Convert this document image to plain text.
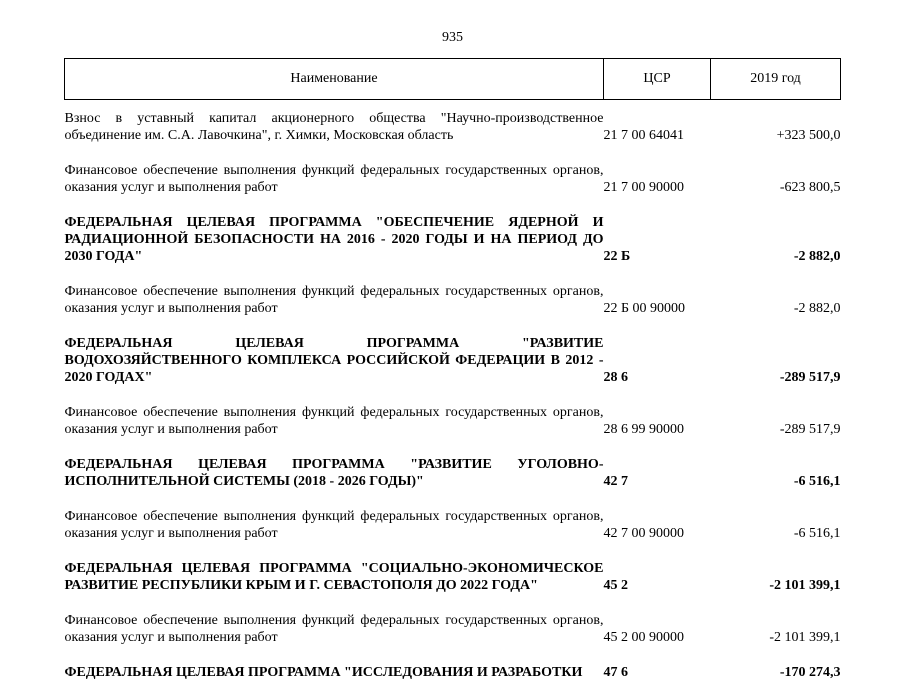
935
Наименование	ЦСР	2019 год

Взнос в уставный капитал акционерного общества "Научно-производственное объединение им. С.А. Лавочкина", г. Химки, Московская область	21 7 00 64041	+323 500,0

Финансовое обеспечение выполнения функций федеральных государственных органов, оказания услуг и выполнения работ	21 7 00 90000	-623 800,5

ФЕДЕРАЛЬНАЯ ЦЕЛЕВАЯ ПРОГРАММА "ОБЕСПЕЧЕНИЕ ЯДЕРНОЙ И РАДИАЦИОННОЙ БЕЗОПАСНОСТИ НА 2016 - 2020 ГОДЫ И НА ПЕРИОД ДО 2030 ГОДА"	22 Б	-2 882,0

Финансовое обеспечение выполнения функций федеральных государственных органов, оказания услуг и выполнения работ	22 Б 00 90000	-2 882,0

ФЕДЕРАЛЬНАЯ ЦЕЛЕВАЯ ПРОГРАММА "РАЗВИТИЕ ВОДОХОЗЯЙСТВЕННОГО КОМПЛЕКСА РОССИЙСКОЙ ФЕДЕРАЦИИ В 2012 - 2020 ГОДАХ"	28 6	-289 517,9

Финансовое обеспечение выполнения функций федеральных государственных органов, оказания услуг и выполнения работ	28 6 99 90000	-289 517,9

ФЕДЕРАЛЬНАЯ ЦЕЛЕВАЯ ПРОГРАММА "РАЗВИТИЕ УГОЛОВНО-ИСПОЛНИТЕЛЬНОЙ СИСТЕМЫ (2018 - 2026 ГОДЫ)"	42 7	-6 516,1

Финансовое обеспечение выполнения функций федеральных государственных органов, оказания услуг и выполнения работ	42 7 00 90000	-6 516,1

ФЕДЕРАЛЬНАЯ ЦЕЛЕВАЯ ПРОГРАММА "СОЦИАЛЬНО-ЭКОНОМИЧЕСКОЕ РАЗВИТИЕ РЕСПУБЛИКИ КРЫМ И Г. СЕВАСТОПОЛЯ ДО 2022 ГОДА"	45 2	-2 101 399,1

Финансовое обеспечение выполнения функций федеральных государственных органов, оказания услуг и выполнения работ	45 2 00 90000	-2 101 399,1

ФЕДЕРАЛЬНАЯ ЦЕЛЕВАЯ ПРОГРАММА "ИССЛЕДОВАНИЯ И РАЗРАБОТКИ	47 6	-170 274,3
